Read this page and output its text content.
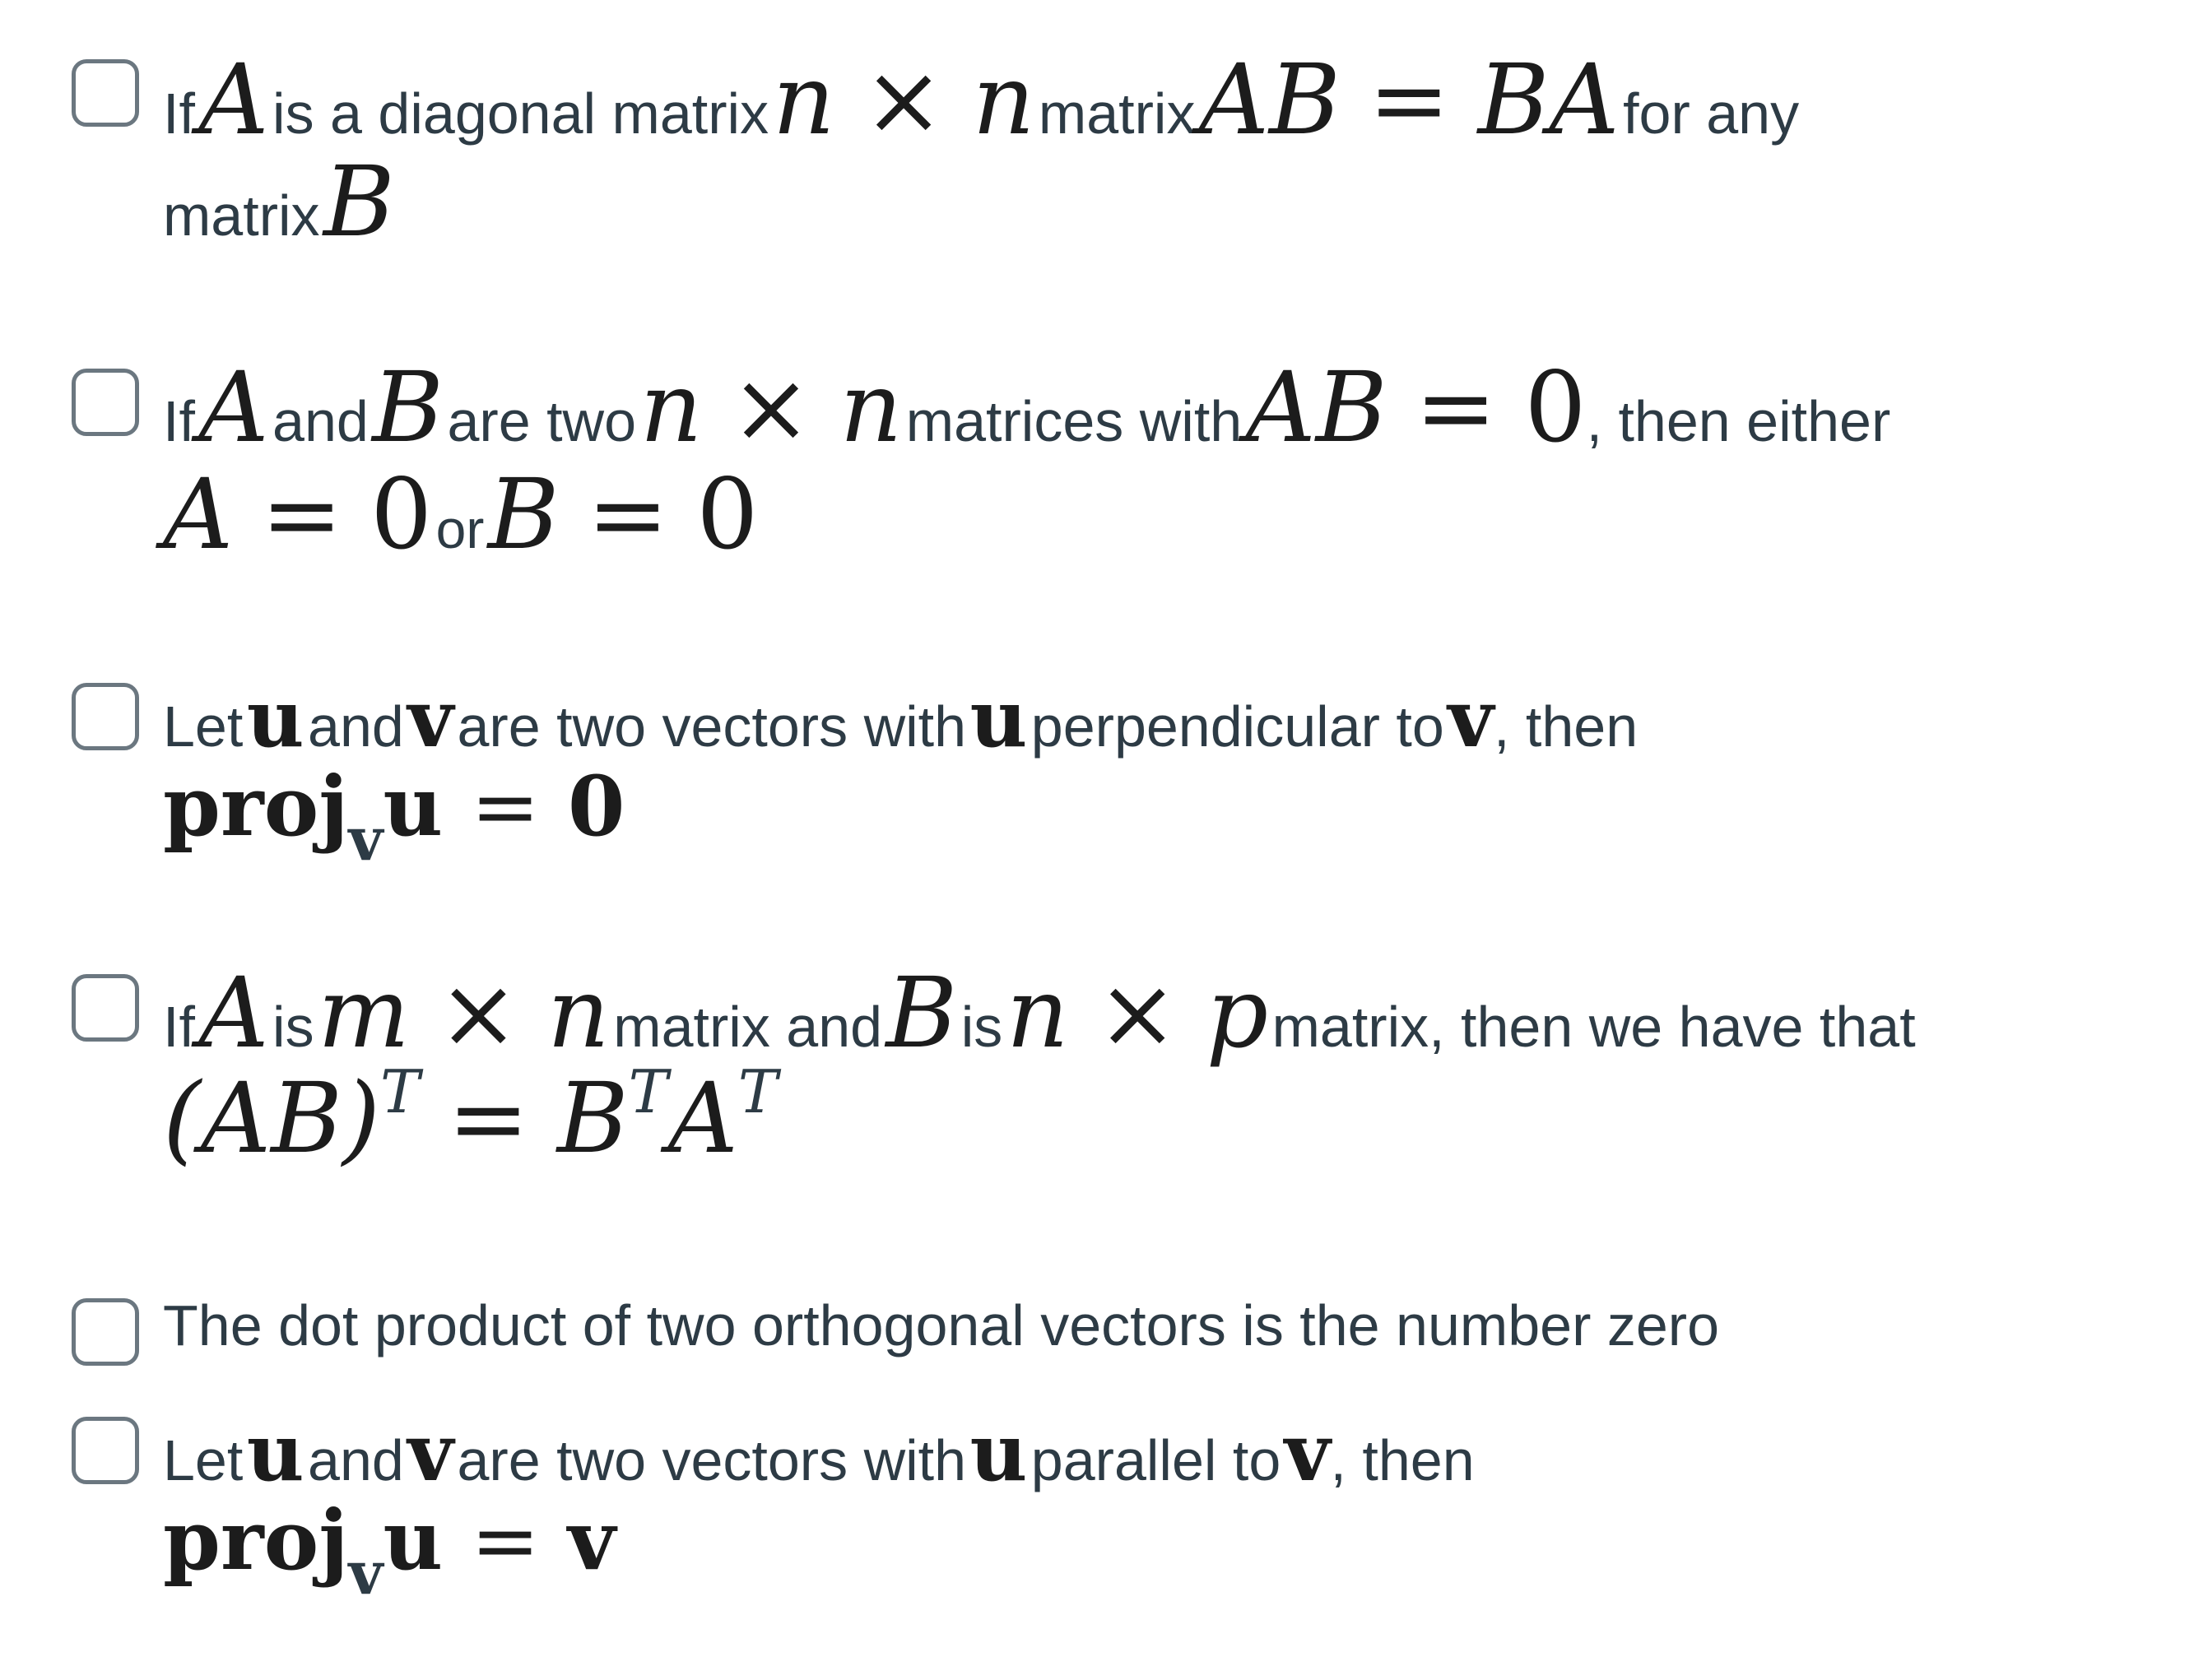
If A is a diagonal matrix n × n matrix AB = BA for any
matrix B
If A and B are two n × n matrices with AB = 0, then either
A = 0 or B = 0
Let u and v are two vectors with u perpendicular to v, then
projvu = 0
If A is m × n matrix and B is n × p matrix, then we have that
(AB)T = BTAT
The dot product of two orthogonal vectors is the number zero
Let u and v are two vectors with u parallel to v, then
projvu = v
